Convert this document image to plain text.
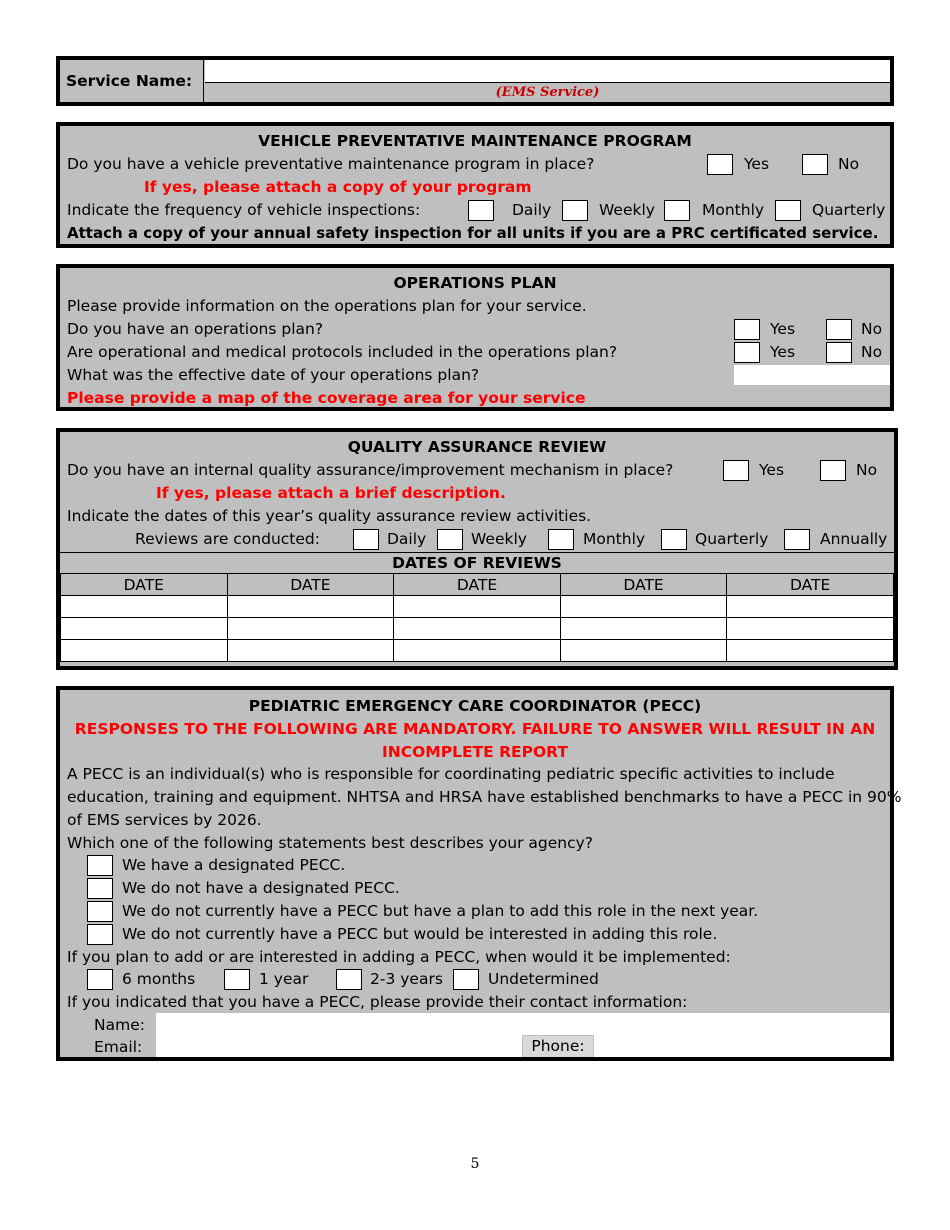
Service Name:
(EMS Service)
VEHICLE PREVENTATIVE MAINTENANCE PROGRAM
Do you have a vehicle preventative maintenance program in place?	Yes	No
If yes, please attach a copy of your program
Indicate the frequency of vehicle inspections:	Daily	Weekly	Monthly	Quarterly
Attach a copy of your annual safety inspection for all units if you are a PRC certificated service.
OPERATIONS PLAN
Please provide information on the operations plan for your service.
Do you have an operations plan?	Yes	No
Are operational and medical protocols included in the operations plan?	Yes	No
What was the effective date of your operations plan?
Please provide a map of the coverage area for your service
QUALITY ASSURANCE REVIEW
Do you have an internal quality assurance/improvement mechanism in place?	Yes	No
If yes, please attach a brief description.
Indicate the dates of this year’s quality assurance review activities.
Reviews are conducted:	Daily	Weekly	Monthly	Quarterly	Annually
DATES OF REVIEWS
DATE	DATE	DATE	DATE	DATE

PEDIATRIC EMERGENCY CARE COORDINATOR (PECC)
RESPONSES TO THE FOLLOWING ARE MANDATORY. FAILURE TO ANSWER WILL RESULT IN AN
INCOMPLETE REPORT
A PECC is an individual(s) who is responsible for coordinating pediatric specific activities to include
education, training and equipment. NHTSA and HRSA have established benchmarks to have a PECC in 90%
of EMS services by 2026.
Which one of the following statements best describes your agency?
We have a designated PECC.
We do not have a designated PECC.
We do not currently have a PECC but have a plan to add this role in the next year.
We do not currently have a PECC but would be interested in adding this role.
If you plan to add or are interested in adding a PECC, when would it be implemented:
6 months	1 year	2-3 years	Undetermined
If you indicated that you have a PECC, please provide their contact information:
Name:
Email:	Phone:
5
